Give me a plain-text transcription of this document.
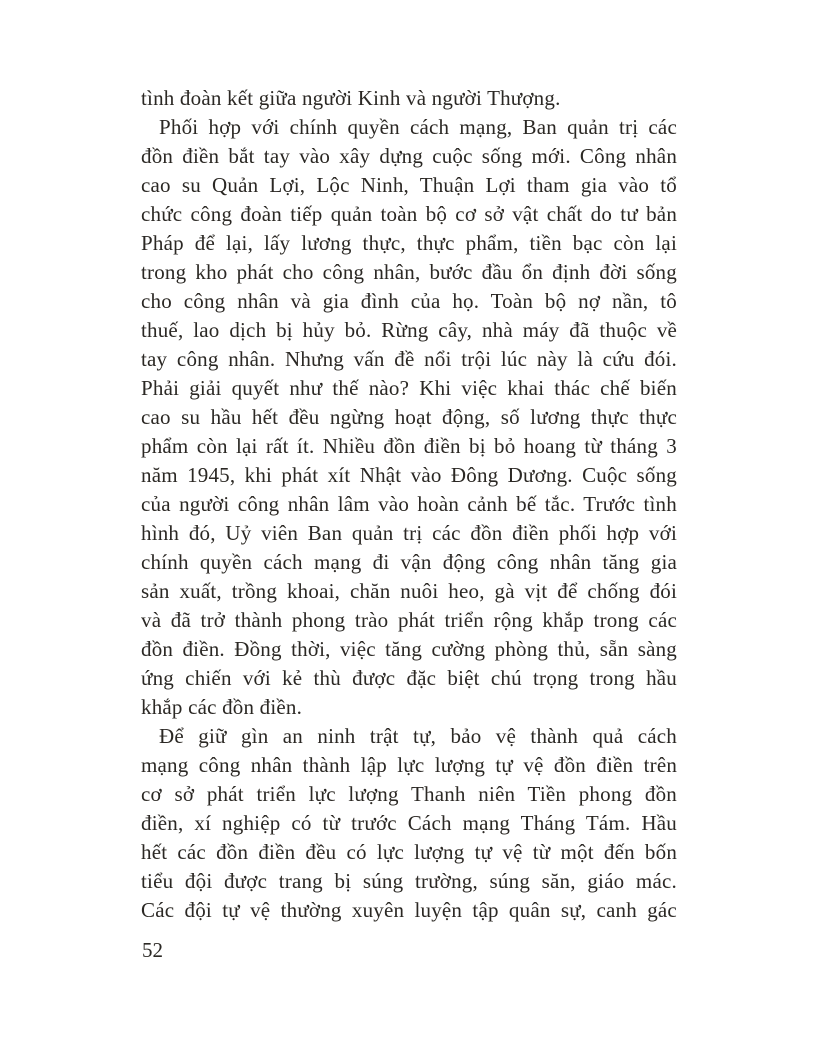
tình đoàn kết giữa người Kinh và người Thượng.
Phối hợp với chính quyền cách mạng, Ban quản trị các
đồn điền bắt tay vào xây dựng cuộc sống mới. Công nhân
cao su Quản Lợi, Lộc Ninh, Thuận Lợi tham gia vào tổ
chức công đoàn tiếp quản toàn bộ cơ sở vật chất do tư bản
Pháp để lại, lấy lương thực, thực phẩm, tiền bạc còn lại
trong kho phát cho công nhân, bước đầu ổn định đời sống
cho công nhân và gia đình của họ. Toàn bộ nợ nần, tô
thuế, lao dịch bị hủy bỏ. Rừng cây, nhà máy đã thuộc về
tay công nhân. Nhưng vấn đề nổi trội lúc này là cứu đói.
Phải giải quyết như thế nào? Khi việc khai thác chế biến
cao su hầu hết đều ngừng hoạt động, số lương thực thực
phẩm còn lại rất ít. Nhiều đồn điền bị bỏ hoang từ tháng 3
năm 1945, khi phát xít Nhật vào Đông Dương. Cuộc sống
của người công nhân lâm vào hoàn cảnh bế tắc. Trước tình
hình đó, Uỷ viên Ban quản trị các đồn điền phối hợp với
chính quyền cách mạng đi vận động công nhân tăng gia
sản xuất, trồng khoai, chăn nuôi heo, gà vịt để chống đói
và đã trở thành phong trào phát triển rộng khắp trong các
đồn điền. Đồng thời, việc tăng cường phòng thủ, sẵn sàng
ứng chiến với kẻ thù được đặc biệt chú trọng trong hầu
khắp các đồn điền.
Để giữ gìn an ninh trật tự, bảo vệ thành quả cách
mạng công nhân thành lập lực lượng tự vệ đồn điền trên
cơ sở phát triển lực lượng Thanh niên Tiền phong đồn
điền, xí nghiệp có từ trước Cách mạng Tháng Tám. Hầu
hết các đồn điền đều có lực lượng tự vệ từ một đến bốn
tiểu đội được trang bị súng trường, súng săn, giáo mác.
Các đội tự vệ thường xuyên luyện tập quân sự, canh gác
52
